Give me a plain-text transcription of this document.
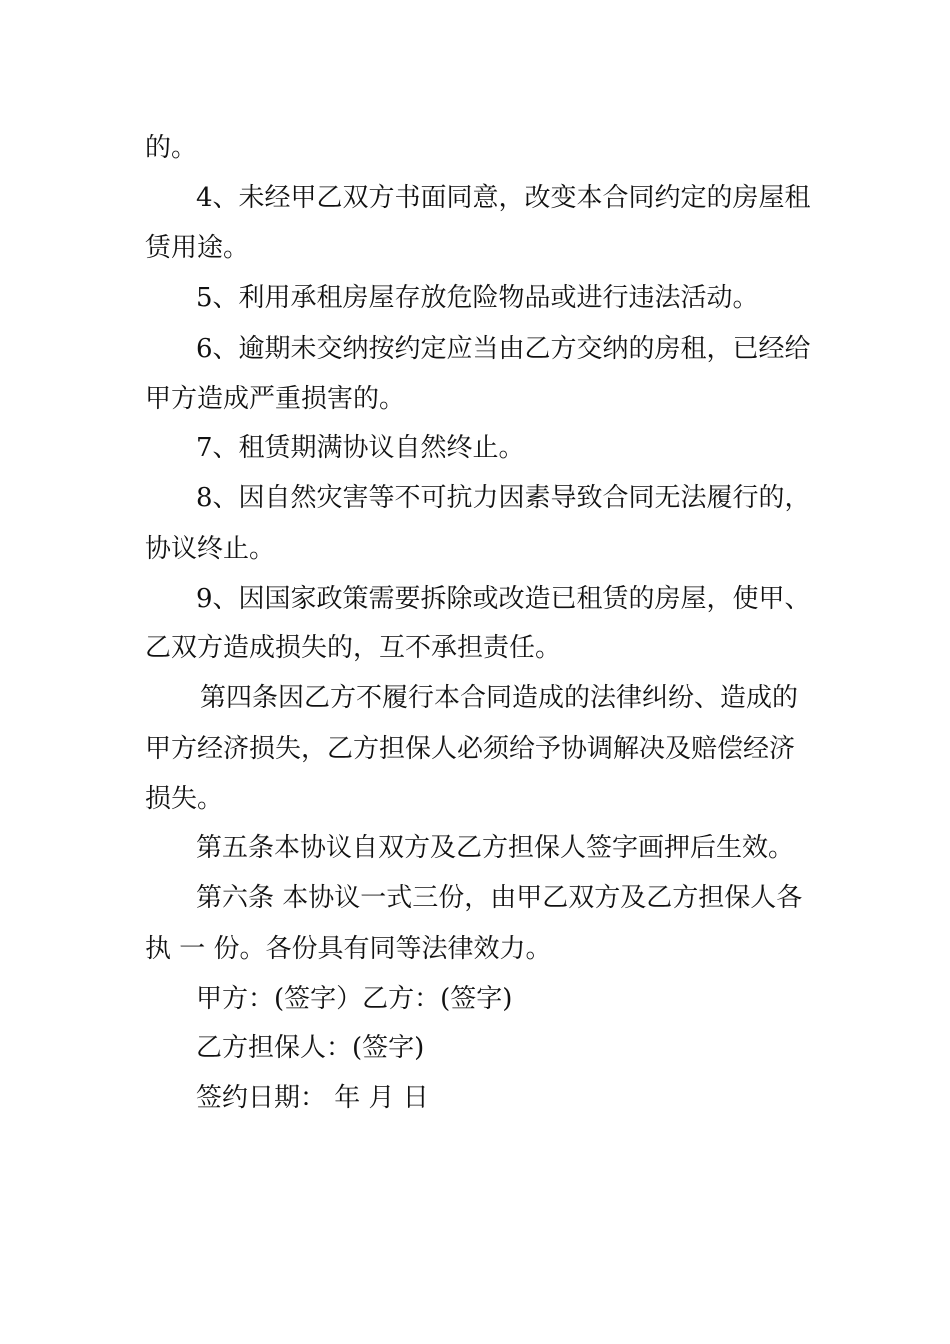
的。
4、未经甲乙双方书面同意，改变本合同约定的房屋租
赁用途。
5、利用承租房屋存放危险物品或进行违法活动。
6、逾期未交纳按约定应当由乙方交纳的房租，已经给
甲方造成严重损害的。
7、租赁期满协议自然终止。
8、因自然灾害等不可抗力因素导致合同无法履行的，
协议终止。
9、因国家政策需要拆除或改造已租赁的房屋，使甲、
乙双方造成损失的，互不承担责任。
第四条因乙方不履行本合同造成的法律纠纷、造成的
甲方经济损失，乙方担保人必须给予协调解决及赔偿经济
损失。
第五条本协议自双方及乙方担保人签字画押后生效。
第六条 本协议一式三份，由甲乙双方及乙方担保人各
执 一 份。各份具有同等法律效力。
甲方：(签字）乙方：(签字)
乙方担保人：(签字)
签约日期： 年 月 日
